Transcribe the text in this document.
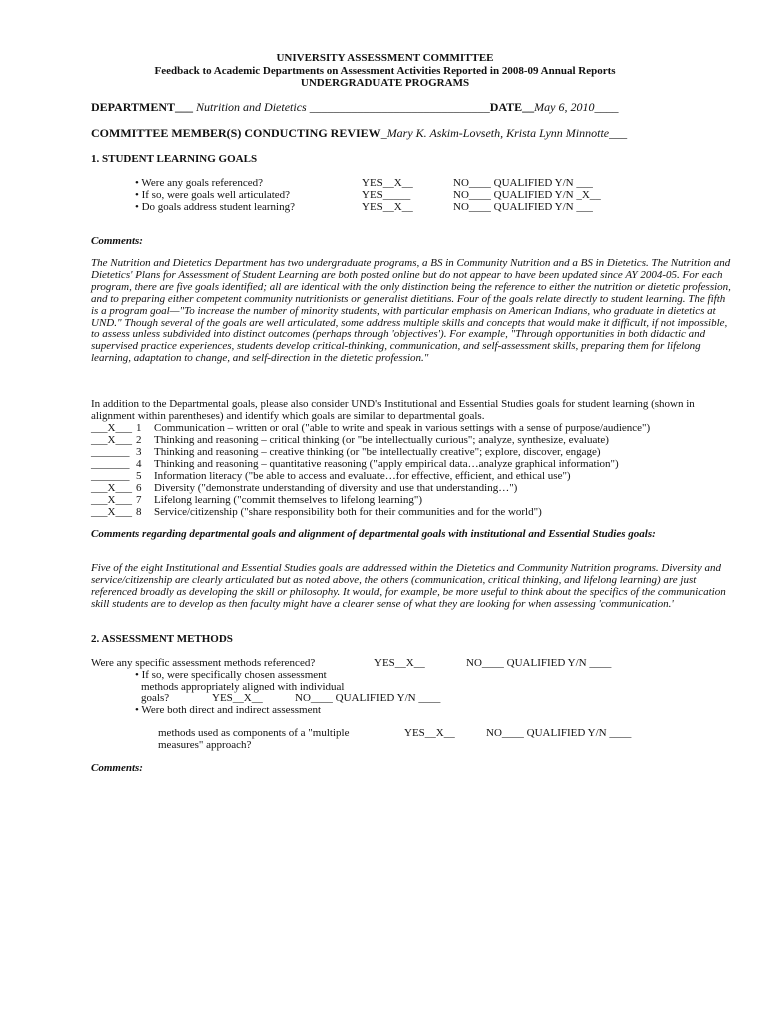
UNIVERSITY ASSESSMENT COMMITTEE
Feedback to Academic Departments on Assessment Activities Reported in 2008-09 Annual Reports
UNDERGRADUATE PROGRAMS
DEPARTMENT___ Nutrition and Dietetics ______________________________DATE__May 6, 2010____
COMMITTEE MEMBER(S) CONDUCTING REVIEW_Mary K. Askim-Lovseth, Krista Lynn Minnotte___
1. STUDENT LEARNING GOALS
• Were any goals referenced?	YES__X__	NO____ QUALIFIED Y/N ___
• If so, were goals well articulated?	YES_____	NO____ QUALIFIED Y/N _X__
• Do goals address student learning?	YES__X__	NO____ QUALIFIED Y/N ___
Comments:
The Nutrition and Dietetics Department has two undergraduate programs, a BS in Community Nutrition and a BS in Dietetics. The Nutrition and Dietetics' Plans for Assessment of Student Learning are both posted online but do not appear to have been updated since AY 2004-05. For each program, there are five goals identified; all are identical with the only distinction being the reference to either the nutrition or dietetic profession, and to preparing either competent community nutritionists or generalist dietitians. Four of the goals relate directly to student learning. The fifth is a program goal—"To increase the number of minority students, with particular emphasis on American Indians, who graduate in dietetics at UND." Though several of the goals are well articulated, some address multiple skills and concepts that would make it difficult, if not impossible, to assess unless subdivided into distinct outcomes (perhaps through 'objectives'). For example, "Through opportunities in both didactic and supervised practice experiences, students develop critical-thinking, communication, and self-assessment skills, preparing them for lifelong learning, adaptation to change, and self-direction in the dietetic profession."
In addition to the Departmental goals, please also consider UND's Institutional and Essential Studies goals for student learning (shown in alignment within parentheses) and identify which goals are similar to departmental goals.
___X___ 1 Communication – written or oral ("able to write and speak in various settings with a sense of purpose/audience")
___X___ 2 Thinking and reasoning – critical thinking (or "be intellectually curious"; analyze, synthesize, evaluate)
_______ 3 Thinking and reasoning – creative thinking (or "be intellectually creative"; explore, discover, engage)
_______ 4 Thinking and reasoning – quantitative reasoning ("apply empirical data…analyze graphical information")
_______ 5 Information literacy ("be able to access and evaluate…for effective, efficient, and ethical use")
___X___ 6 Diversity ("demonstrate understanding of diversity and use that understanding…")
___X___ 7 Lifelong learning ("commit themselves to lifelong learning")
___X___ 8 Service/citizenship ("share responsibility both for their communities and for the world")
Comments regarding departmental goals and alignment of departmental goals with institutional and Essential Studies goals:
Five of the eight Institutional and Essential Studies goals are addressed within the Dietetics and Community Nutrition programs. Diversity and service/citizenship are clearly articulated but as noted above, the others (communication, critical thinking, and lifelong learning) are just referenced broadly as developing the skill or philosophy. It would, for example, be more useful to think about the specifics of the communication skill students are to develop as then faculty might have a clearer sense of what they are looking for when assessing 'communication.'
2. ASSESSMENT METHODS
Were any specific assessment methods referenced?	YES__X__	NO____ QUALIFIED Y/N ____
• If so, were specifically chosen assessment
methods appropriately aligned with individual
goals?	YES__X__	NO____ QUALIFIED Y/N ____
• Were both direct and indirect assessment
methods used as components of a "multiple
measures" approach?
YES__X__	NO____ QUALIFIED Y/N ____
Comments:
